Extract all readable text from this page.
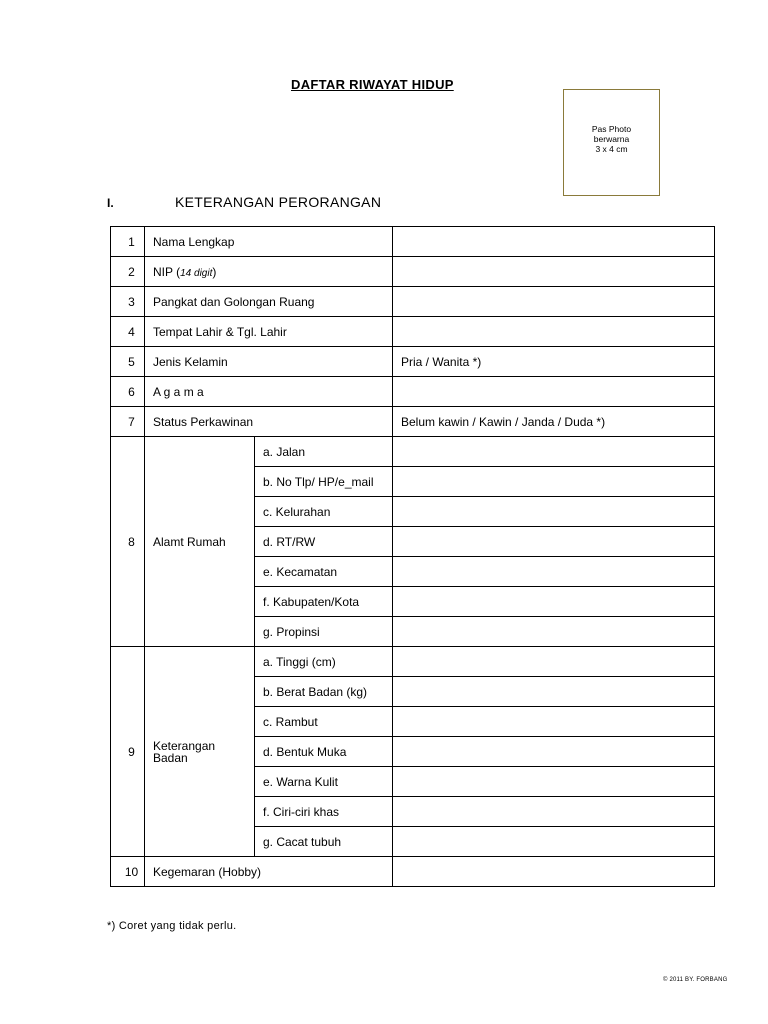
DAFTAR RIWAYAT HIDUP
Pas Photo
berwarna
3 x 4 cm
I.	KETERANGAN PERORANGAN
1	Nama Lengkap		
2	NIP (14 digit)		
3	Pangkat dan Golongan Ruang		
4	Tempat Lahir & Tgl. Lahir		
5	Jenis Kelamin		Pria / Wanita *)
6	A g a m a		
7	Status Perkawinan		Belum kawin / Kawin / Janda / Duda *)
8	Alamt Rumah	a. Jalan	
		b. No Tlp/ HP/e_mail	
		c. Kelurahan	
		d. RT/RW	
		e. Kecamatan	
		f. Kabupaten/Kota	
		g. Propinsi	
9	Keterangan
Badan	a. Tinggi (cm)	
		b. Berat Badan (kg)	
		c. Rambut	
		d. Bentuk Muka	
		e. Warna Kulit	
		f. Ciri-ciri khas	
		g. Cacat tubuh	
10	Kegemaran (Hobby)		
*) Coret yang tidak perlu.
© 2011 BY. FORBANG
